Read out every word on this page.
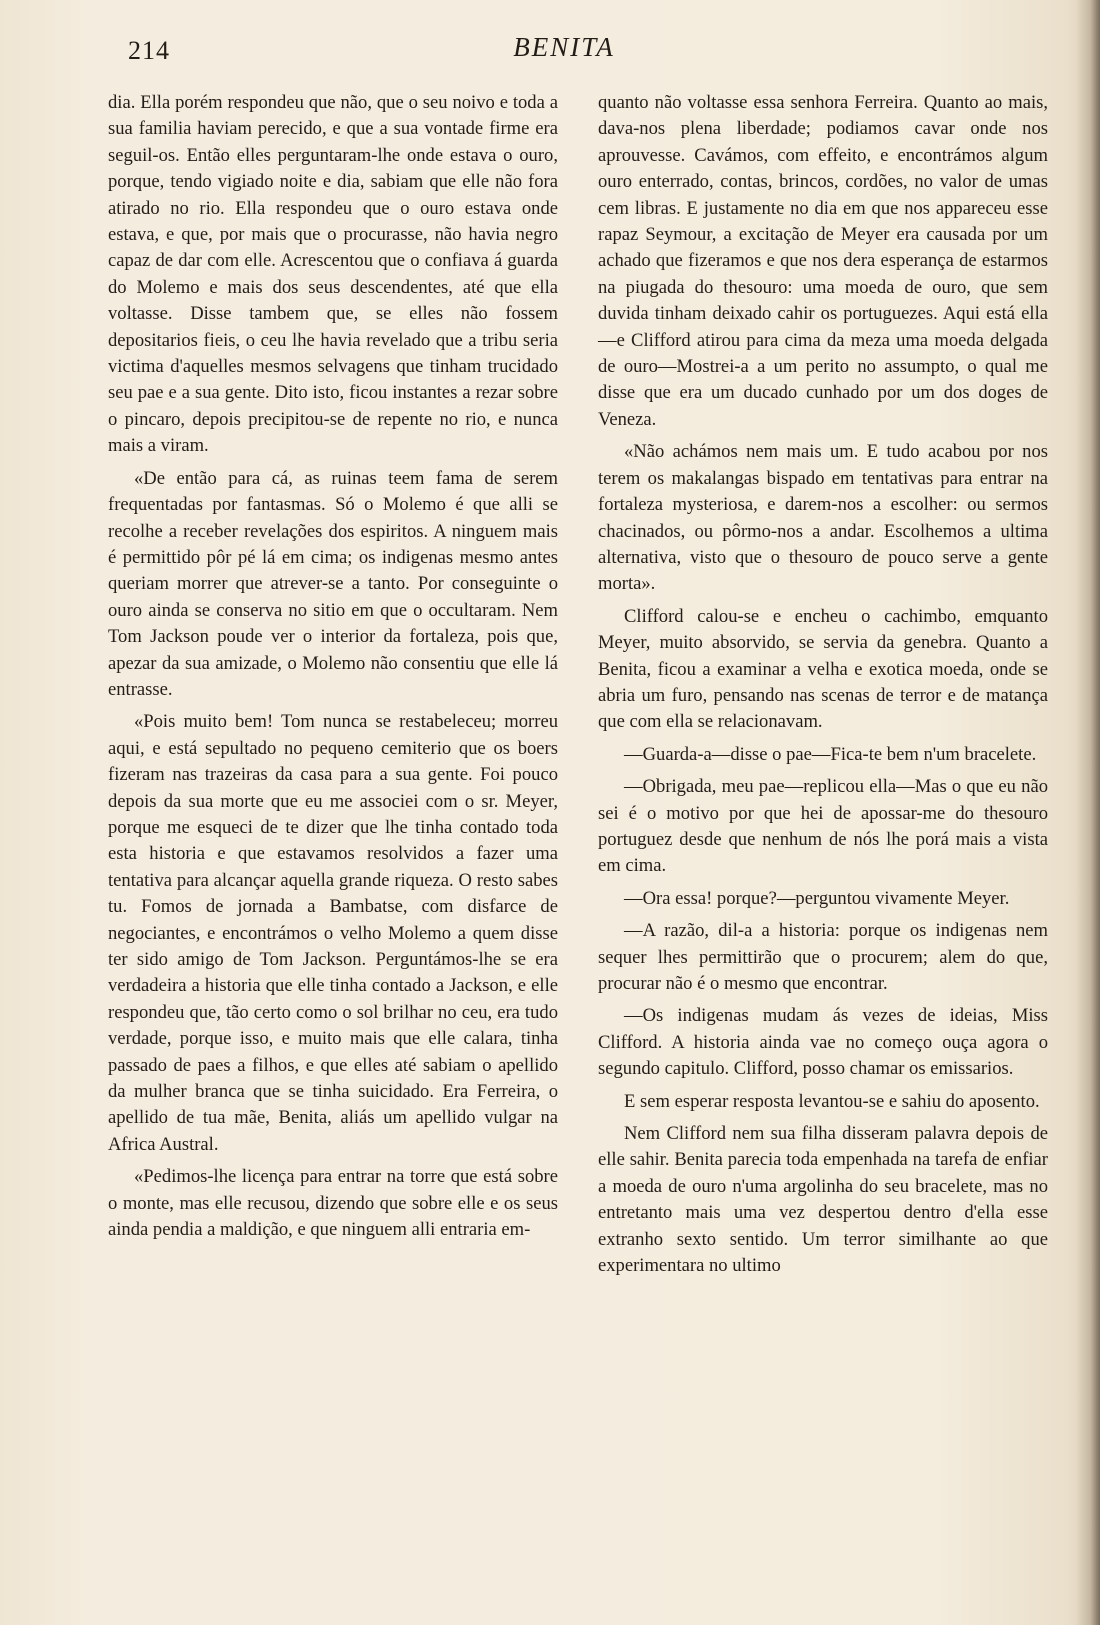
214	BENITA

dia. Ella porém respondeu que não, que o seu noivo e toda a sua familia haviam perecido, e que a sua vontade firme era seguil-os. Então elles perguntaram-lhe onde estava o ouro, porque, tendo vigiado noite e dia, sabiam que elle não fora atirado no rio. Ella respondeu que o ouro estava onde estava, e que, por mais que o procurasse, não havia negro capaz de dar com elle. Acrescentou que o confiava á guarda do Molemo e mais dos seus descendentes, até que ella voltasse. Disse tambem que, se elles não fossem depositarios fieis, o ceu lhe havia revelado que a tribu seria victima d'aquelles mesmos selvagens que tinham trucidado seu pae e a sua gente. Dito isto, ficou instantes a rezar sobre o pincaro, depois precipitou-se de repente no rio, e nunca mais a viram.

«De então para cá, as ruinas teem fama de serem frequentadas por fantasmas. Só o Molemo é que alli se recolhe a receber revelações dos espiritos. A ninguem mais é permittido pôr pé lá em cima; os indigenas mesmo antes queriam morrer que atrever-se a tanto. Por conseguinte o ouro ainda se conserva no sitio em que o occultaram. Nem Tom Jackson poude ver o interior da fortaleza, pois que, apezar da sua amizade, o Molemo não consentiu que elle lá entrasse.

«Pois muito bem! Tom nunca se restabeleceu; morreu aqui, e está sepultado no pequeno cemiterio que os boers fizeram nas trazeiras da casa para a sua gente. Foi pouco depois da sua morte que eu me associei com o sr. Meyer, porque me esqueci de te dizer que lhe tinha contado toda esta historia e que estavamos resolvidos a fazer uma tentativa para alcançar aquella grande riqueza. O resto sabes tu. Fomos de jornada a Bambatse, com disfarce de negociantes, e encontrámos o velho Molemo a quem disse ter sido amigo de Tom Jackson. Perguntámos-lhe se era verdadeira a historia que elle tinha contado a Jackson, e elle respondeu que, tão certo como o sol brilhar no ceu, era tudo verdade, porque isso, e muito mais que elle calara, tinha passado de paes a filhos, e que elles até sabiam o apellido da mulher branca que se tinha suicidado. Era Ferreira, o apellido de tua mãe, Benita, aliás um apellido vulgar na Africa Austral.

«Pedimos-lhe licença para entrar na torre que está sobre o monte, mas elle recusou, dizendo que sobre elle e os seus ainda pendia a maldição, e que ninguem alli entraria em-

quanto não voltasse essa senhora Ferreira. Quanto ao mais, dava-nos plena liberdade; podiamos cavar onde nos aprouvesse. Cavámos, com effeito, e encontrámos algum ouro enterrado, contas, brincos, cordões, no valor de umas cem libras. E justamente no dia em que nos appareceu esse rapaz Seymour, a excitação de Meyer era causada por um achado que fizeramos e que nos dera esperança de estarmos na piugada do thesouro: uma moeda de ouro, que sem duvida tinham deixado cahir os portuguezes. Aqui está ella—e Clifford atirou para cima da meza uma moeda delgada de ouro—Mostrei-a a um perito no assumpto, o qual me disse que era um ducado cunhado por um dos doges de Veneza.

«Não achámos nem mais um. E tudo acabou por nos terem os makalangas bispado em tentativas para entrar na fortaleza mysteriosa, e darem-nos a escolher: ou sermos chacinados, ou pôrmo-nos a andar. Escolhemos a ultima alternativa, visto que o thesouro de pouco serve a gente morta».

Clifford calou-se e encheu o cachimbo, emquanto Meyer, muito absorvido, se servia da genebra. Quanto a Benita, ficou a examinar a velha e exotica moeda, onde se abria um furo, pensando nas scenas de terror e de matança que com ella se relacionavam.

—Guarda-a—disse o pae—Fica-te bem n'um bracelete.

—Obrigada, meu pae—replicou ella—Mas o que eu não sei é o motivo por que hei de apossar-me do thesouro portuguez desde que nenhum de nós lhe porá mais a vista em cima.

—Ora essa! porque?—perguntou vivamente Meyer.

—A razão, dil-a a historia: porque os indigenas nem sequer lhes permittirão que o procurem; alem do que, procurar não é o mesmo que encontrar.

—Os indigenas mudam ás vezes de ideias, Miss Clifford. A historia ainda vae no começo ouça agora o segundo capitulo. Clifford, posso chamar os emissarios.

E sem esperar resposta levantou-se e sahiu do aposento.

Nem Clifford nem sua filha disseram palavra depois de elle sahir. Benita parecia toda empenhada na tarefa de enfiar a moeda de ouro n'uma argolinha do seu bracelete, mas no entretanto mais uma vez despertou dentro d'ella esse extranho sexto sentido. Um terror similhante ao que experimentara no ultimo
